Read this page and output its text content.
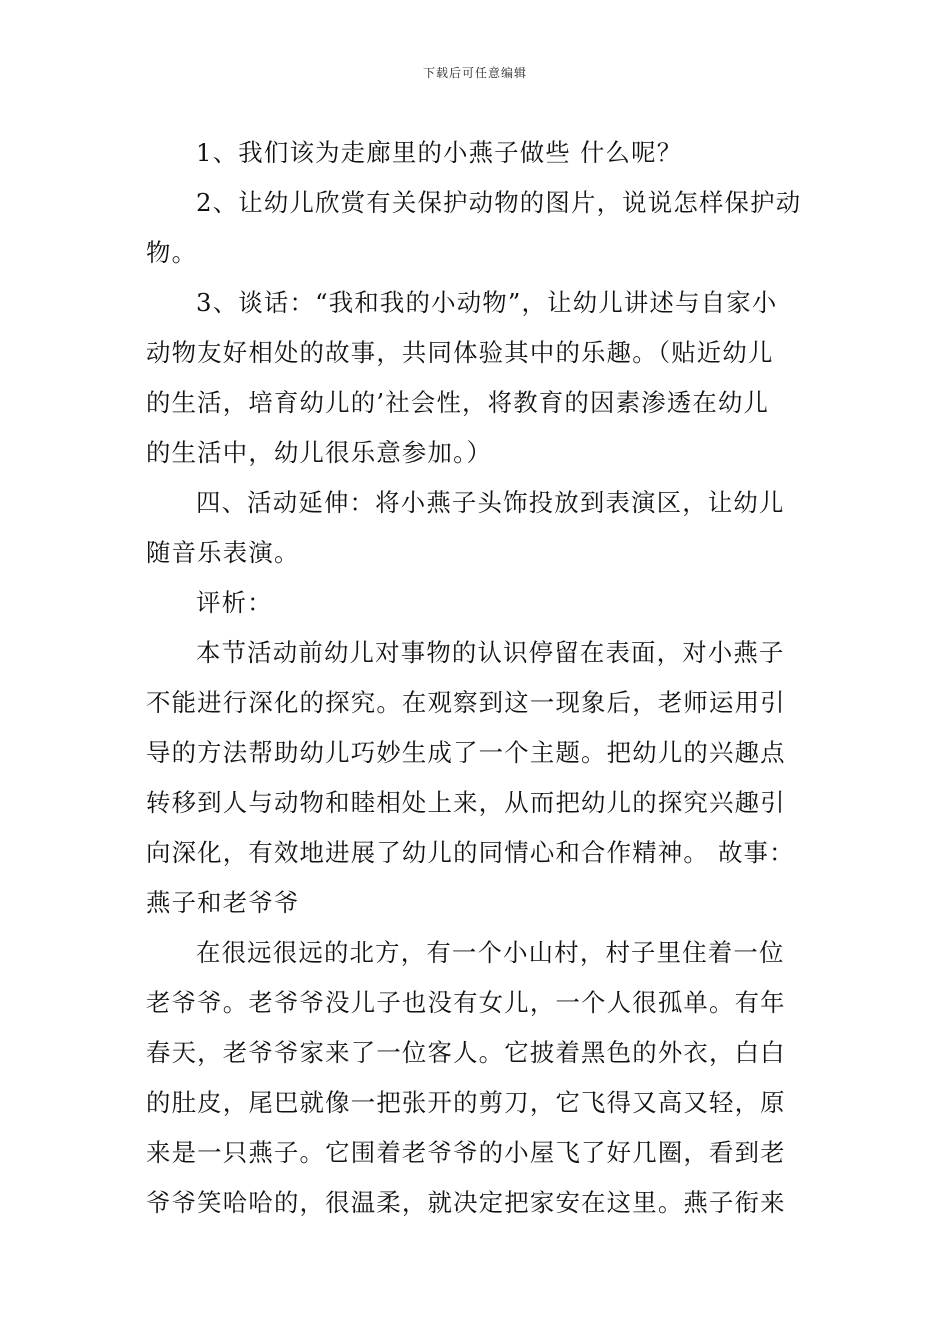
下载后可任意编辑
1、我们该为走廊里的小燕子做些 什么呢？
2、让幼儿欣赏有关保护动物的图片，说说怎样保护动
物。
3、谈话：“我和我的小动物”，让幼儿讲述与自家小
动物友好相处的故事，共同体验其中的乐趣。（贴近幼儿
的生活，培育幼儿的’社会性，将教育的因素渗透在幼儿
的生活中，幼儿很乐意参加。）
四、活动延伸：将小燕子头饰投放到表演区，让幼儿
随音乐表演。
评析：
本节活动前幼儿对事物的认识停留在表面，对小燕子
不能进行深化的探究。在观察到这一现象后，老师运用引
导的方法帮助幼儿巧妙生成了一个主题。把幼儿的兴趣点
转移到人与动物和睦相处上来，从而把幼儿的探究兴趣引
向深化，有效地进展了幼儿的同情心和合作精神。 故事：
燕子和老爷爷
在很远很远的北方，有一个小山村，村子里住着一位
老爷爷。老爷爷没儿子也没有女儿，一个人很孤单。有年
春天，老爷爷家来了一位客人。它披着黑色的外衣，白白
的肚皮，尾巴就像一把张开的剪刀，它飞得又高又轻，原
来是一只燕子。它围着老爷爷的小屋飞了好几圈，看到老
爷爷笑哈哈的，很温柔，就决定把家安在这里。燕子衔来
